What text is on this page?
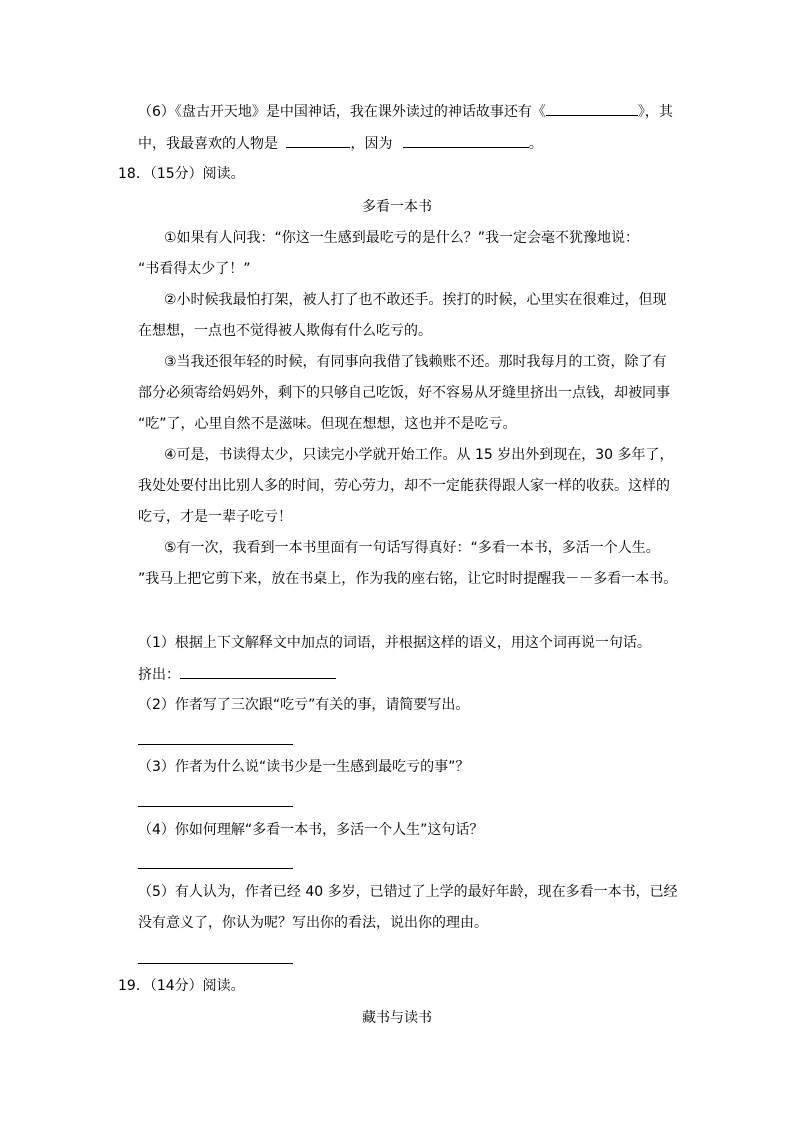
（6）《盘古开天地》是中国神话，我在课外读过的神话故事还有《	》，其
中，我最喜欢的人物是	，因为	。
18．（15分）阅读。
多看一本书
①如果有人问我：“你这一生感到最吃亏的是什么？”我一定会毫不犹豫地说：
“书看得太少了！”
②小时候我最怕打架，被人打了也不敢还手。挨打的时候，心里实在很难过，但现
在想想，一点也不觉得被人欺侮有什么吃亏的。
③当我还很年轻的时候，有同事向我借了钱赖账不还。那时我每月的工资，除了有
部分必须寄给妈妈外，剩下的只够自己吃饭，好不容易从牙缝里挤出一点钱，却被同事
“吃”了，心里自然不是滋味。但现在想想，这也并不是吃亏。
④可是，书读得太少，只读完小学就开始工作。从 15 岁出外到现在，30 多年了，
我处处要付出比别人多的时间，劳心劳力，却不一定能获得跟人家一样的收获。这样的
吃亏，才是一辈子吃亏！
⑤有一次，我看到一本书里面有一句话写得真好：“多看一本书，多活一个人生。
”我马上把它剪下来，放在书桌上，作为我的座右铭，让它时时提醒我－－多看一本书。
（1）根据上下文解释文中加点的词语，并根据这样的语义，用这个词再说一句话。
挤出：
（2）作者写了三次跟“吃亏”有关的事，请简要写出。
（3）作者为什么说“读书少是一生感到最吃亏的事”？
（4）你如何理解“多看一本书，多活一个人生”这句话？
（5）有人认为，作者已经 40 多岁，已错过了上学的最好年龄，现在多看一本书，已经
没有意义了，你认为呢？写出你的看法，说出你的理由。
19．（14分）阅读。
藏书与读书
